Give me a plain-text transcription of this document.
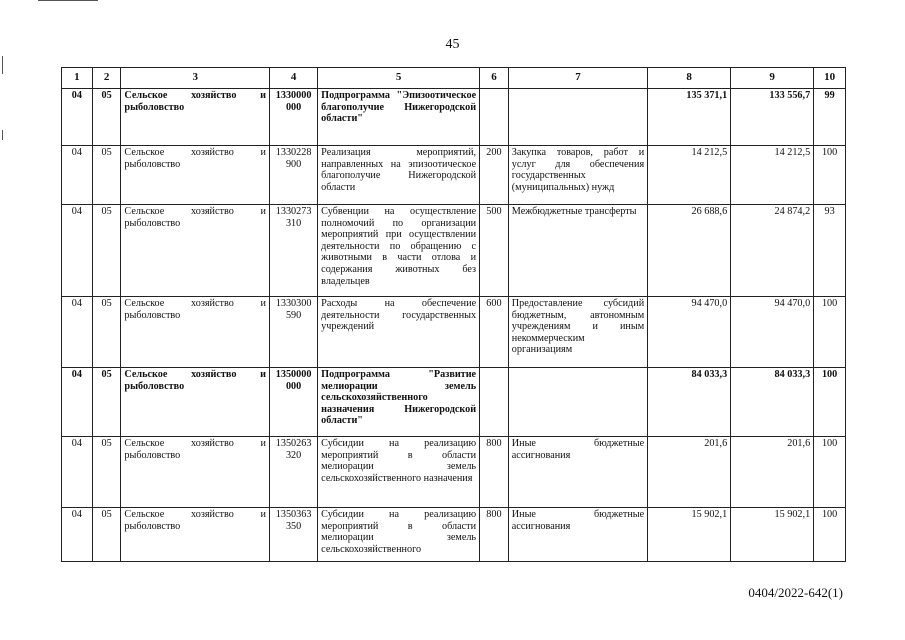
45
1	2	3	4	5	6	7	8	9	10
04	05	Сельское хозяйство и рыболовство	1330000 000	Подпрограмма "Эпизоотическое благополучие Нижегородской области"			135 371,1	133 556,7	99
04	05	Сельское хозяйство и рыболовство	1330228 900	Реализация мероприятий, направленных на эпизоотическое благополучие Нижегородской области	200	Закупка товаров, работ и услуг для обеспечения государственных (муниципальных) нужд	14 212,5	14 212,5	100
04	05	Сельское хозяйство и рыболовство	1330273 310	Субвенции на осуществление полномочий по организации мероприятий при осуществлении деятельности по обращению с животными в части отлова и содержания животных без владельцев	500	Межбюджетные трансферты	26 688,6	24 874,2	93
04	05	Сельское хозяйство и рыболовство	1330300 590	Расходы на обеспечение деятельности государственных учреждений	600	Предоставление субсидий бюджетным, автономным учреждениям и иным некоммерческим организациям	94 470,0	94 470,0	100
04	05	Сельское хозяйство и рыболовство	1350000 000	Подпрограмма "Развитие мелиорации земель сельскохозяйственного назначения Нижегородской области"			84 033,3	84 033,3	100
04	05	Сельское хозяйство и рыболовство	1350263 320	Субсидии на реализацию мероприятий в области мелиорации земель сельскохозяйственного назначения	800	Иные бюджетные ассигнования	201,6	201,6	100
04	05	Сельское хозяйство и рыболовство	1350363 350	Субсидии на реализацию мероприятий в области мелиорации земель сельскохозяйственного	800	Иные бюджетные ассигнования	15 902,1	15 902,1	100
0404/2022-642(1)
